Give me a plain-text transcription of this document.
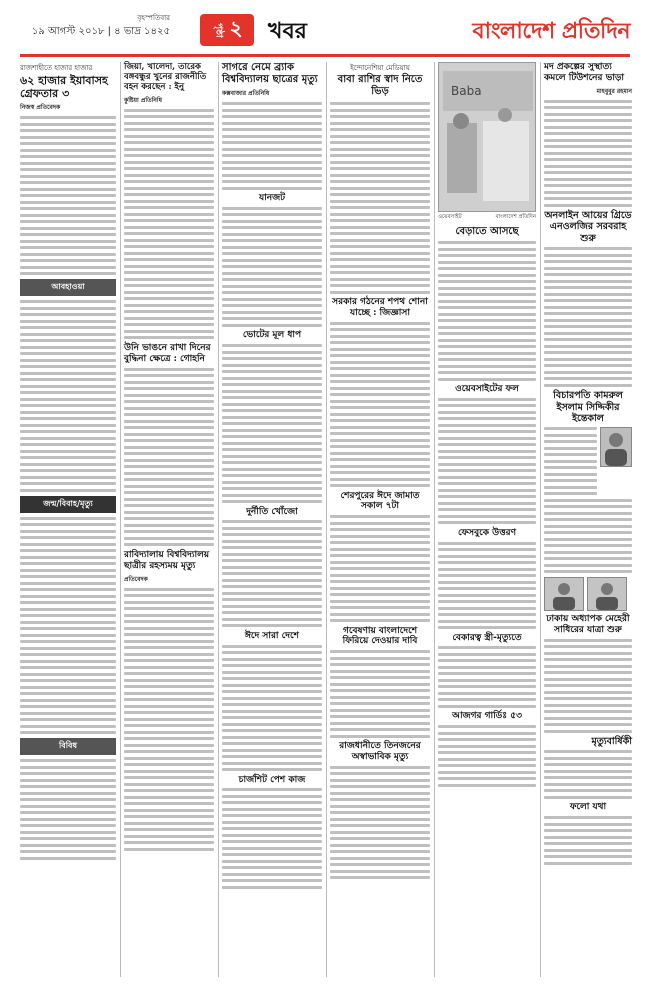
বৃহস্পতিবার
১৯ আগস্ট ২০১৮ | ৪ ভাদ্র ১৪২৫	পৃষ্ঠা ২ খবর	বাংলাদেশ প্রতিদিন
রাজশাহীতে হাজার হাজার
৬২ হাজার ইয়াবাসহ গ্রেফতার ৩
নিজস্ব প্রতিবেদক
আবহাওয়া
জন্ম/বিবাহ/মৃত্যু
বিবিধ
জিয়া, খালেদা, তারেক বঙ্গবন্ধুর খুনের রাজনীতি বহন করছেন : ইনু
কুষ্টিয়া প্রতিনিধি
উনি ভাঙনে রাখা দিনের বুদ্ধিনা ক্ষেত্রে : গোহনি
রাবিদ্যালায় বিশ্ববিদ্যালয় ছাত্রীর রহস্যময় মৃত্যু
প্রতিবেদক
সাগরে নেমে ব্র্যাক বিশ্ববিদ্যালয় ছাত্রের মৃত্যু
কক্সবাজার প্রতিনিধি
যানজট
ভোটের মূল ধাপ
দুর্নীতি খোঁজো
ঈদে সারা দেশে
চার্জশিট পেশ কাজ
ইন্দোনেশিয়া মেডিয়ায়
বাবা রাশির স্বাদ নিতে ভিড়
সরকার গঠনের শপথ শোনা যাচ্ছে : জিজ্ঞাসা
শেরপুরের ঈদে জামাত সকাল ৭টা
গবেষণায় বাংলাদেশে ফিরিয়ে দেওয়ার দাবি
রাজধানীতে তিনজনের অস্বাভাবিক মৃত্যু
Baba
ওয়েবসাইট	বাংলাদেশ প্রতিদিন
বেড়াতে আসছে
ওয়েবসাইটের ফল
ফেসবুকে উত্তরণ
বেকারত্ব স্ত্রী-মৃত্যুতে
আজগর গার্ডিঃ ৫৩
মদ প্রকল্পের সুস্থাত্য কমলে টিউশনের ভাড়া
মাহবুবুর রহমান
অনলাইন আয়ের গ্রিডে এনওলজির সরবরাহ শুরু
বিচারপতি কামরুল ইসলাম সিদ্দিকীর ইন্তেকাল
ঢাকায় অধ্যাপক মেহেরী সাধিরের যাত্রা শুরু
মৃত্যুবার্ষিকী
ফলো যথা
